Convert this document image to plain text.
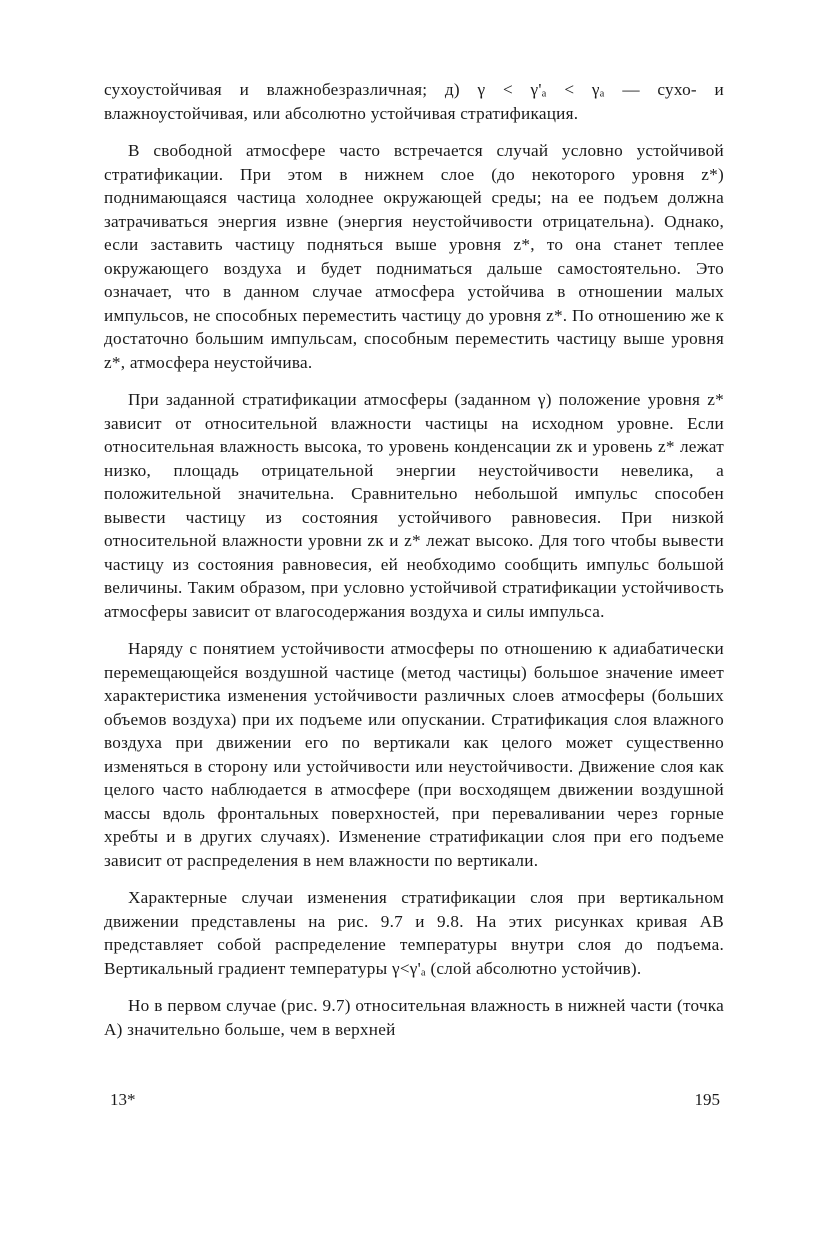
сухоустойчивая и влажнобезразличная; д) γ < γ'ₐ < γₐ — сухо- и влажноустойчивая, или абсолютно устойчивая стратификация.

В свободной атмосфере часто встречается случай условно устойчивой стратификации. При этом в нижнем слое (до некоторого уровня z*) поднимающаяся частица холоднее окружающей среды; на ее подъем должна затрачиваться энергия извне (энергия неустойчивости отрицательна). Однако, если заставить частицу подняться выше уровня z*, то она станет теплее окружающего воздуха и будет подниматься дальше самостоятельно. Это означает, что в данном случае атмосфера устойчива в отношении малых импульсов, не способных переместить частицу до уровня z*. По отношению же к достаточно большим импульсам, способным переместить частицу выше уровня z*, атмосфера неустойчива.

При заданной стратификации атмосферы (заданном γ) положение уровня z* зависит от относительной влажности частицы на исходном уровне. Если относительная влажность высока, то уровень конденсации zк и уровень z* лежат низко, площадь отрицательной энергии неустойчивости невелика, а положительной значительна. Сравнительно небольшой импульс способен вывести частицу из состояния устойчивого равновесия. При низкой относительной влажности уровни zк и z* лежат высоко. Для того чтобы вывести частицу из состояния равновесия, ей необходимо сообщить импульс большой величины. Таким образом, при условно устойчивой стратификации устойчивость атмосферы зависит от влагосодержания воздуха и силы импульса.

Наряду с понятием устойчивости атмосферы по отношению к адиабатически перемещающейся воздушной частице (метод частицы) большое значение имеет характеристика изменения устойчивости различных слоев атмосферы (больших объемов воздуха) при их подъеме или опускании. Стратификация слоя влажного воздуха при движении его по вертикали как целого может существенно изменяться в сторону или устойчивости или неустойчивости. Движение слоя как целого часто наблюдается в атмосфере (при восходящем движении воздушной массы вдоль фронтальных поверхностей, при переваливании через горные хребты и в других случаях). Изменение стратификации слоя при его подъеме зависит от распределения в нем влажности по вертикали.

Характерные случаи изменения стратификации слоя при вертикальном движении представлены на рис. 9.7 и 9.8. На этих рисунках кривая AB представляет собой распределение температуры внутри слоя до подъема. Вертикальный градиент температуры γ<γ'ₐ (слой абсолютно устойчив).

Но в первом случае (рис. 9.7) относительная влажность в нижней части (точка A) значительно больше, чем в верхней

13*	195
